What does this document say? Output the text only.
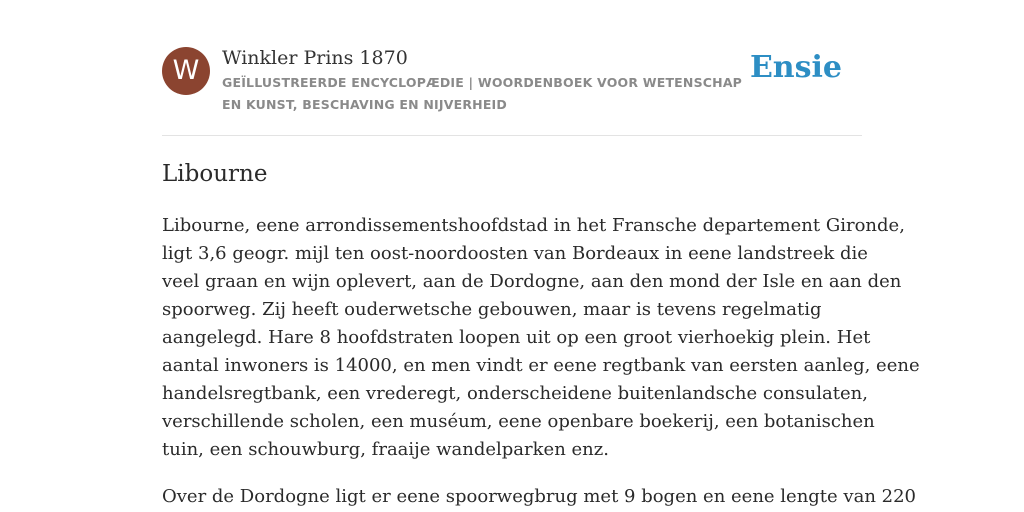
W	Winkler Prins 1870
GEÏLLUSTREERDE ENCYCLOPÆDIE | WOORDENBOEK VOOR WETENSCHAP EN KUNST, BESCHAVING EN NIJVERHEID
Ensie
Libourne

Libourne, eene arrondissementshoofdstad in het Fransche departement Gironde,
ligt 3,6 geogr. mijl ten oost-noordoosten van Bordeaux in eene landstreek die
veel graan en wijn oplevert, aan de Dordogne, aan den mond der Isle en aan den
spoorweg. Zij heeft ouderwetsche gebouwen, maar is tevens regelmatig
aangelegd. Hare 8 hoofdstraten loopen uit op een groot vierhoekig plein. Het
aantal inwoners is 14000, en men vindt er eene regtbank van eersten aanleg, eene
handelsregtbank, een vrederegt, onderscheidene buitenlandsche consulaten,
verschillende scholen, een muséum, eene openbare boekerij, een botanischen
tuin, een schouwburg, fraaije wandelparken enz.

Over de Dordogne ligt er eene spoorwegbrug met 9 bogen en eene lengte van 220
